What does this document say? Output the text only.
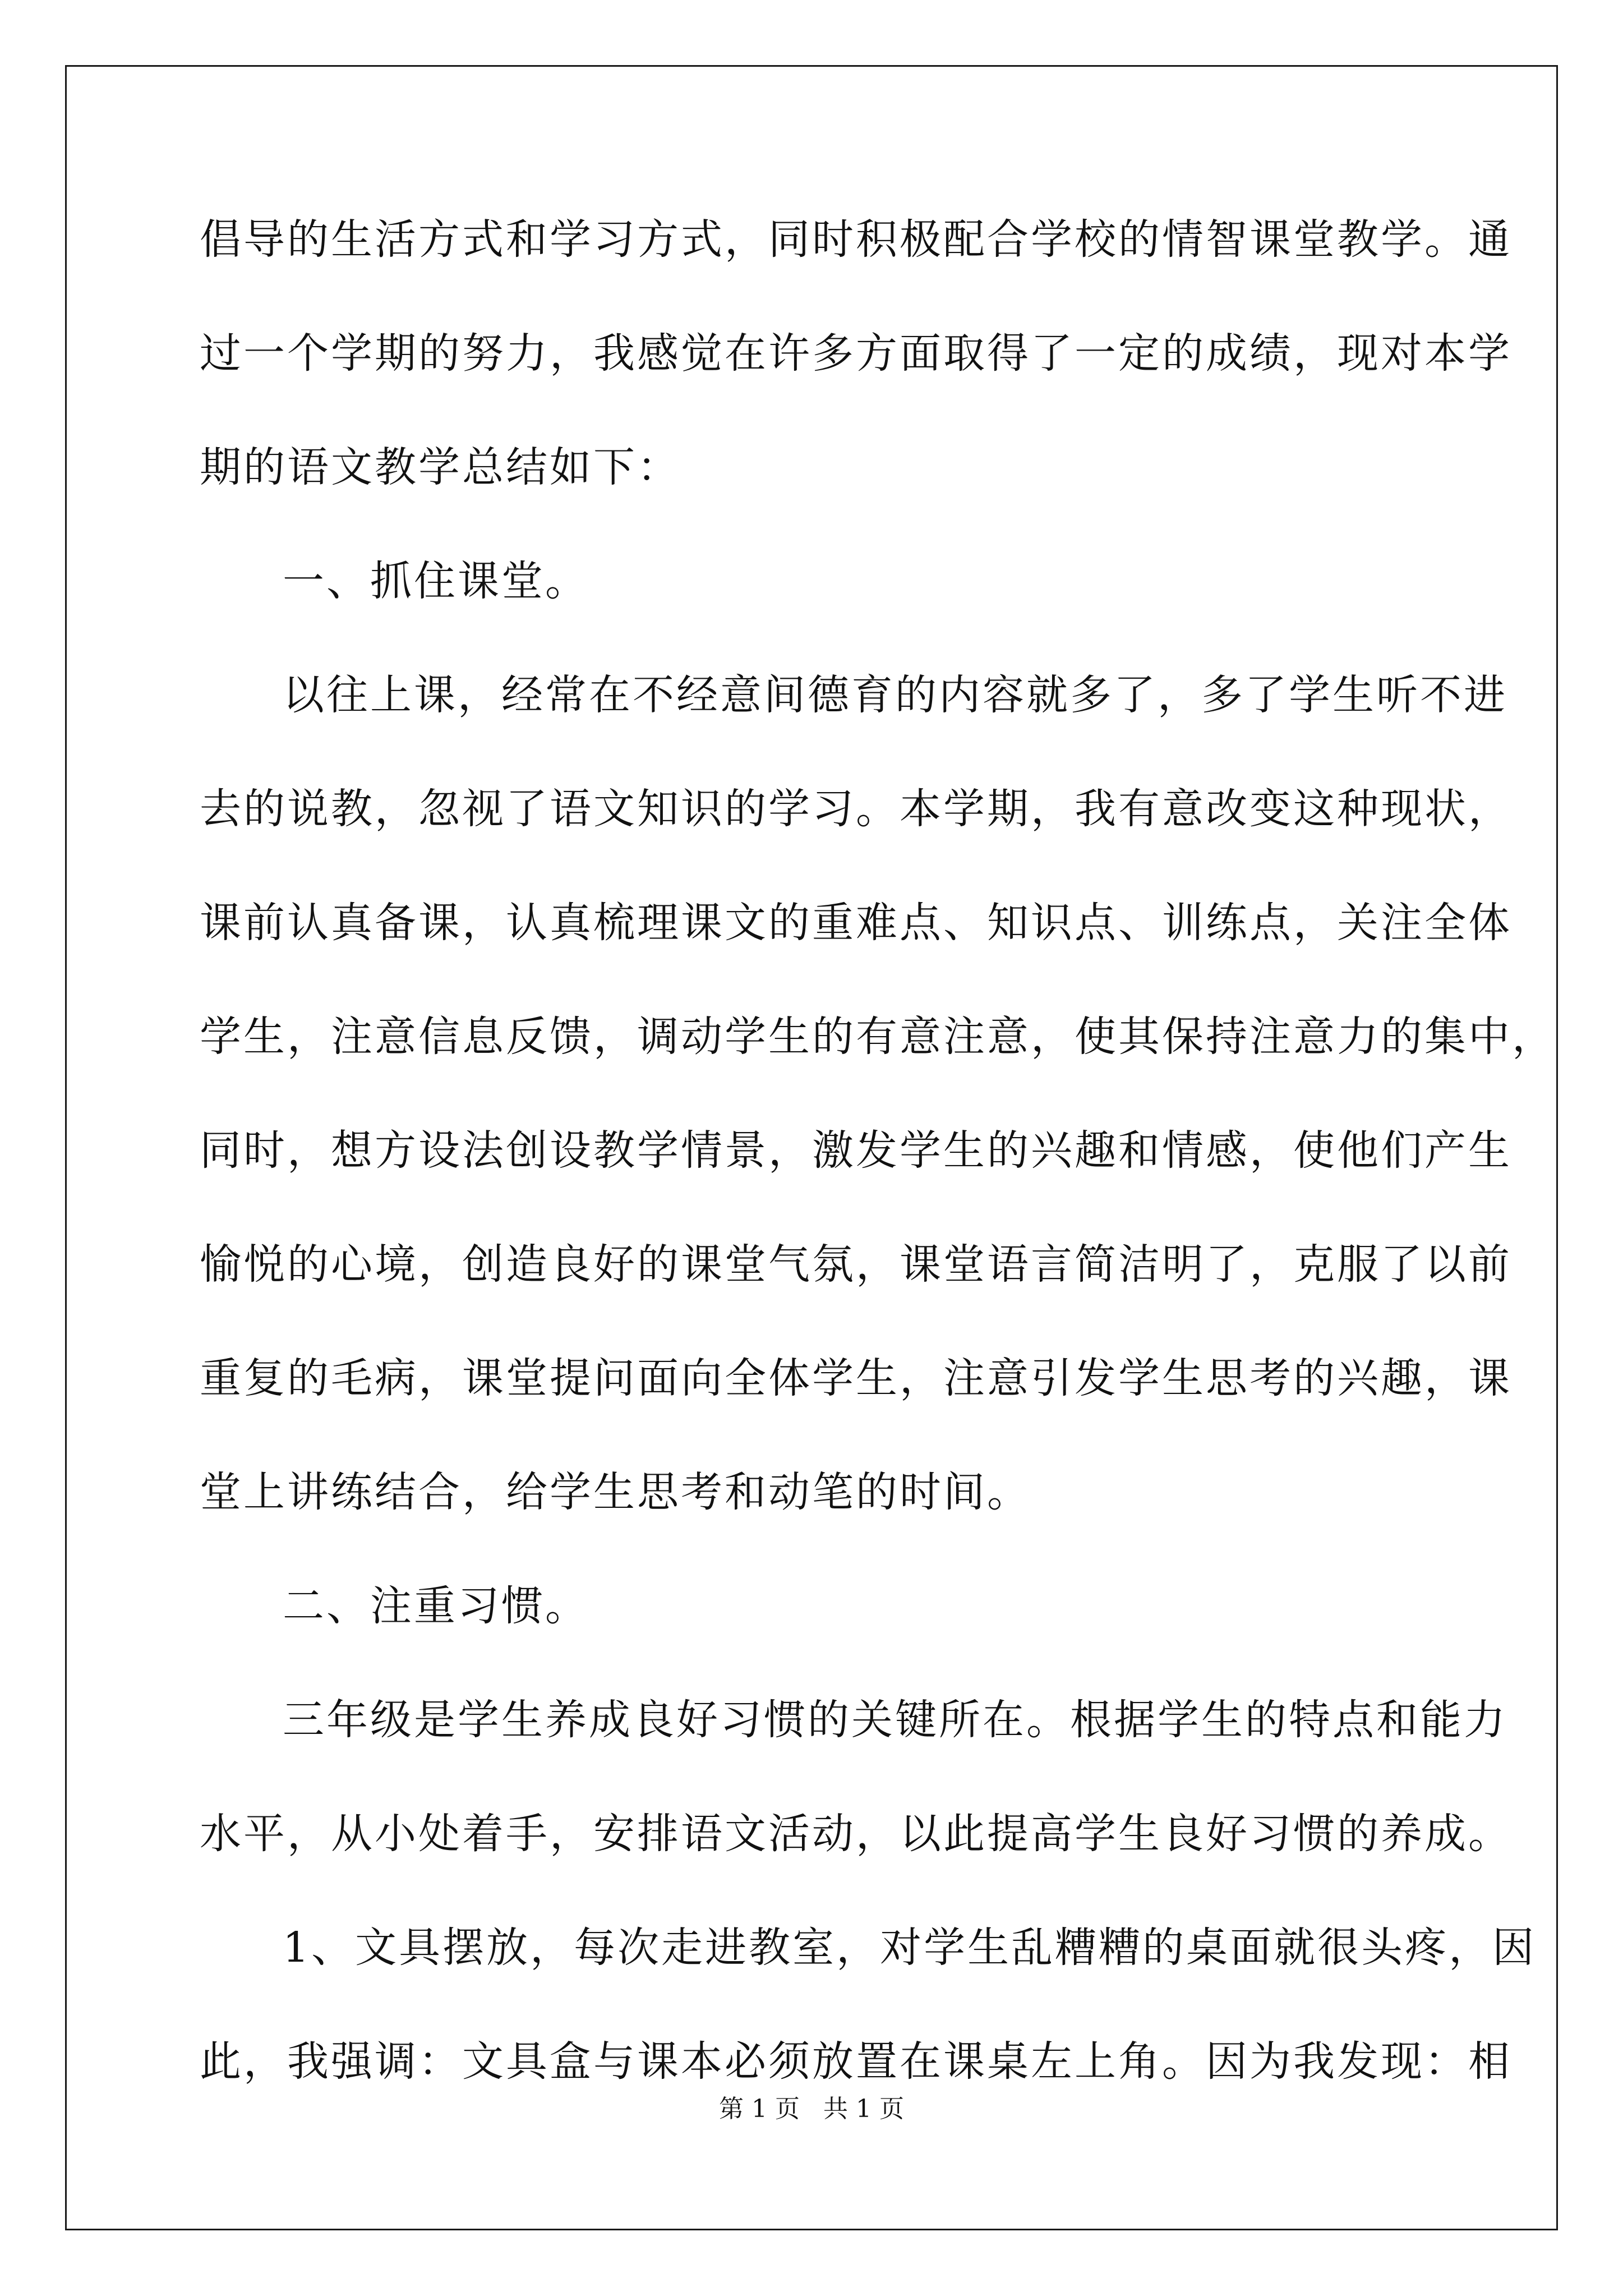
倡导的生活方式和学习方式，同时积极配合学校的情智课堂教学。通
过一个学期的努力，我感觉在许多方面取得了一定的成绩，现对本学
期的语文教学总结如下：
一、抓住课堂。
以往上课，经常在不经意间德育的内容就多了，多了学生听不进
去的说教，忽视了语文知识的学习。本学期，我有意改变这种现状，
课前认真备课，认真梳理课文的重难点、知识点、训练点，关注全体
学生，注意信息反馈，调动学生的有意注意，使其保持注意力的集中，
同时，想方设法创设教学情景，激发学生的兴趣和情感，使他们产生
愉悦的心境，创造良好的课堂气氛，课堂语言简洁明了，克服了以前
重复的毛病，课堂提问面向全体学生，注意引发学生思考的兴趣，课
堂上讲练结合，给学生思考和动笔的时间。
二、注重习惯。
三年级是学生养成良好习惯的关键所在。根据学生的特点和能力
水平，从小处着手，安排语文活动，以此提高学生良好习惯的养成。
1、文具摆放，每次走进教室，对学生乱糟糟的桌面就很头疼，因
此，我强调：文具盒与课本必须放置在课桌左上角。因为我发现：相
第 1 页 共 1 页
